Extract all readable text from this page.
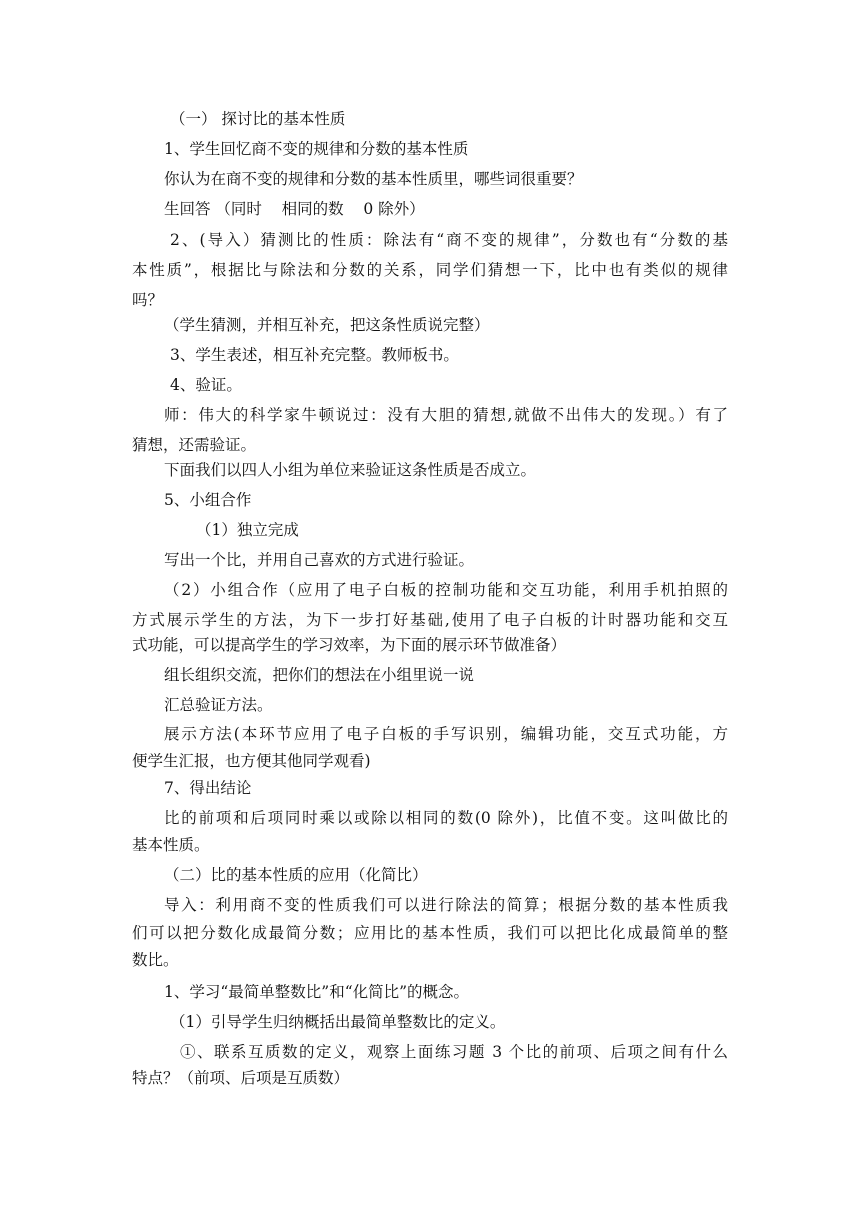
（一） 探讨比的基本性质
1、学生回忆商不变的规律和分数的基本性质
你认为在商不变的规律和分数的基本性质里，哪些词很重要？
生回答 （同时    相同的数    0 除外）
2、(导入）猜测比的性质：除法有“商不变的规律”，分数也有“分数的基
本性质”，根据比与除法和分数的关系，同学们猜想一下，比中也有类似的规律
吗？
（学生猜测，并相互补充，把这条性质说完整）
3、学生表述，相互补充完整。教师板书。
4、验证。
师：伟大的科学家牛顿说过：没有大胆的猜想,就做不出伟大的发现。）有了
猜想，还需验证。
下面我们以四人小组为单位来验证这条性质是否成立。
5、小组合作
（1）独立完成
写出一个比，并用自己喜欢的方式进行验证。
（2）小组合作（应用了电子白板的控制功能和交互功能，利用手机拍照的
方式展示学生的方法，为下一步打好基础,使用了电子白板的计时器功能和交互
式功能，可以提高学生的学习效率，为下面的展示环节做准备）
组长组织交流，把你们的想法在小组里说一说
汇总验证方法。
展示方法(本环节应用了电子白板的手写识别，编辑功能，交互式功能，方
便学生汇报，也方便其他同学观看)
7、得出结论
比的前项和后项同时乘以或除以相同的数(0 除外)，比值不变。这叫做比的
基本性质。
（二）比的基本性质的应用（化简比）
导入：利用商不变的性质我们可以进行除法的简算；根据分数的基本性质我
们可以把分数化成最简分数；应用比的基本性质，我们可以把比化成最简单的整
数比。
1、学习“最简单整数比”和“化简比”的概念。
（1）引导学生归纳概括出最简单整数比的定义。
①、联系互质数的定义，观察上面练习题 3 个比的前项、后项之间有什么
特点？（前项、后项是互质数）
